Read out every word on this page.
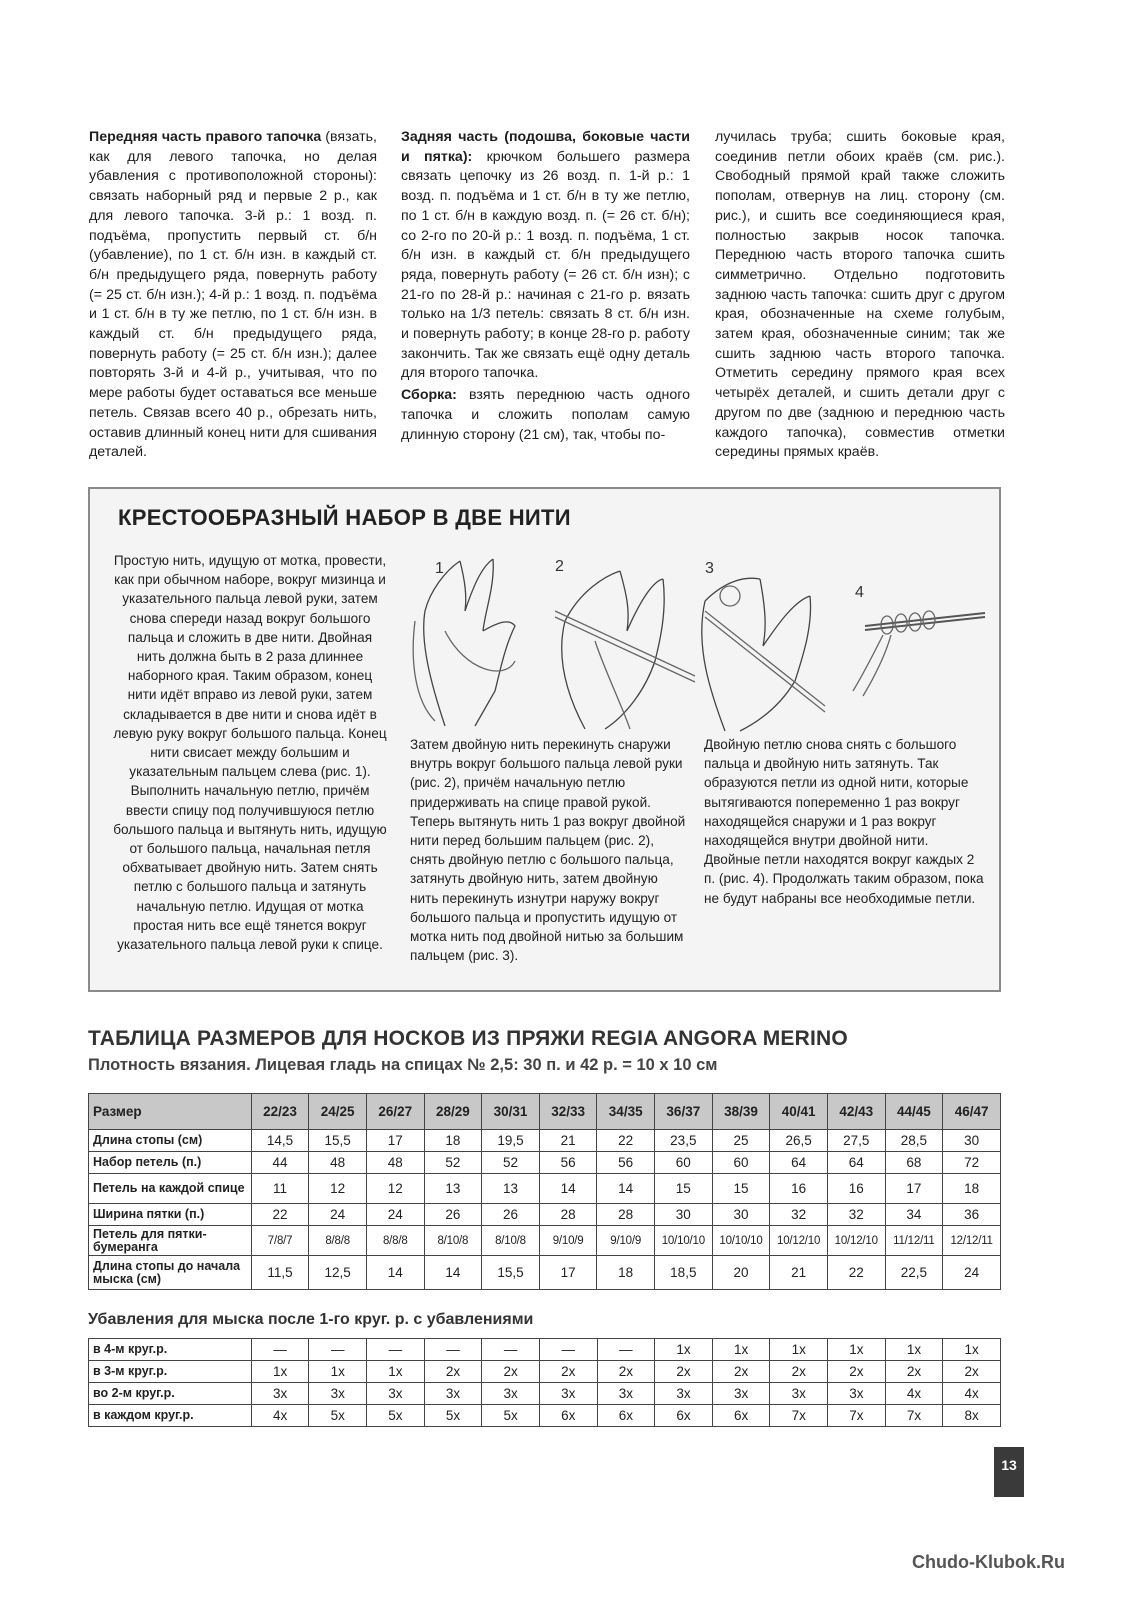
Передняя часть правого тапочка (вязать, как для левого тапочка, но делая убавления с противоположной стороны): связать наборный ряд и первые 2 р., как для левого тапочка. 3-й р.: 1 возд. п. подъёма, пропустить первый ст. б/н (убавление), по 1 ст. б/н изн. в каждый ст. б/н предыдущего ряда, повернуть работу (= 25 ст. б/н изн.); 4-й р.: 1 возд. п. подъёма и 1 ст. б/н в ту же петлю, по 1 ст. б/н изн. в каждый ст. б/н предыдущего ряда, повернуть работу (= 25 ст. б/н изн.); далее повторять 3-й и 4-й р., учитывая, что по мере работы будет оставаться все меньше петель. Связав всего 40 р., обрезать нить, оставив длинный конец нити для сшивания деталей.

Задняя часть (подошва, боковые части и пятка): крючком большего размера связать цепочку из 26 возд. п. 1-й р.: 1 возд. п. подъёма и 1 ст. б/н в ту же петлю, по 1 ст. б/н в каждую возд. п. (= 26 ст. б/н); со 2-го по 20-й р.: 1 возд. п. подъёма, 1 ст. б/н изн. в каждый ст. б/н предыдущего ряда, повернуть работу (= 26 ст. б/н изн); с 21-го по 28-й р.: начиная с 21-го р. вязать только на 1/3 петель: связать 8 ст. б/н изн. и повернуть работу; в конце 28-го р. работу закончить. Так же связать ещё одну деталь для второго тапочка.

Сборка: взять переднюю часть одного тапочка и сложить пополам самую длинную сторону (21 см), так, чтобы по-

лучилась труба; сшить боковые края, соединив петли обоих краёв (см. рис.). Свободный прямой край также сложить пополам, отвернув на лиц. сторону (см. рис.), и сшить все соединяющиеся края, полностью закрыв носок тапочка. Переднюю часть второго тапочка сшить симметрично. Отдельно подготовить заднюю часть тапочка: сшить друг с другом края, обозначенные на схеме голубым, затем края, обозначенные синим; так же сшить заднюю часть второго тапочка. Отметить середину прямого края всех четырёх деталей, и сшить детали друг с другом по две (заднюю и переднюю часть каждого тапочка), совместив отметки середины прямых краёв.

КРЕСТООБРАЗНЫЙ НАБОР В ДВЕ НИТИ
Простую нить, идущую от мотка, провести, как при обычном наборе, вокруг мизинца и указательного пальца левой руки, затем снова спереди назад вокруг большого пальца и сложить в две нити. Двойная нить должна быть в 2 раза длиннее наборного края. Таким образом, конец нити идёт вправо из левой руки, затем складывается в две нити и снова идёт в левую руку вокруг большого пальца. Конец нити свисает между большим и указательным пальцем слева (рис. 1). Выполнить начальную петлю, причём ввести спицу под получившуюся петлю большого пальца и вытянуть нить, идущую от большого пальца, начальная петля обхватывает двойную нить. Затем снять петлю с большого пальца и затянуть начальную петлю. Идущая от мотка простая нить все ещё тянется вокруг указательного пальца левой руки к спице.
1	2	3
4
Затем двойную нить перекинуть снаружи внутрь вокруг большого пальца левой руки (рис. 2), причём начальную петлю придерживать на спице правой рукой. Теперь вытянуть нить 1 раз вокруг двойной нити перед большим пальцем (рис. 2), снять двойную петлю с большого пальца, затянуть двойную нить, затем двойную нить перекинуть изнутри наружу вокруг большого пальца и пропустить идущую от мотка нить под двойной нитью за большим пальцем (рис. 3).
Двойную петлю снова снять с большого пальца и двойную нить затянуть. Так образуются петли из одной нити, которые вытягиваются попеременно 1 раз вокруг находящейся снаружи и 1 раз вокруг находящейся внутри двойной нити. Двойные петли находятся вокруг каждых 2 п. (рис. 4). Продолжать таким образом, пока не будут набраны все необходимые петли.
ТАБЛИЦА РАЗМЕРОВ ДЛЯ НОСКОВ ИЗ ПРЯЖИ REGIA ANGORA MERINO
Плотность вязания. Лицевая гладь на спицах № 2,5: 30 п. и 42 р. = 10 х 10 см
Размер	22/23	24/25	26/27	28/29	30/31	32/33	34/35	36/37	38/39	40/41	42/43	44/45	46/47
Длина стопы (см)	14,5	15,5	17	18	19,5	21	22	23,5	25	26,5	27,5	28,5	30
Набор петель (п.)	44	48	48	52	52	56	56	60	60	64	64	68	72
Петель на каждой спице	11	12	12	13	13	14	14	15	15	16	16	17	18
Ширина пятки (п.)	22	24	24	26	26	28	28	30	30	32	32	34	36
Петель для пятки-бумеранга	7/8/7	8/8/8	8/8/8	8/10/8	8/10/8	9/10/9	9/10/9	10/10/10	10/10/10	10/12/10	10/12/10	11/12/11	12/12/11
Длина стопы до начала мыска (см)	11,5	12,5	14	14	15,5	17	18	18,5	20	21	22	22,5	24
Убавления для мыска после 1-го круг. р. с убавлениями
в 4-м круг.р.	—	—	—	—	—	—	—	1х	1х	1х	1х	1х	1х
в 3-м круг.р.	1х	1х	1х	2х	2х	2х	2х	2х	2х	2х	2х	2х	2х
во 2-м круг.р.	3х	3х	3х	3х	3х	3х	3х	3х	3х	3х	3х	4х	4х
в каждом круг.р.	4х	5х	5х	5х	5х	6х	6х	6х	6х	7х	7х	7х	8х
13
Chudo-Klubok.Ru
